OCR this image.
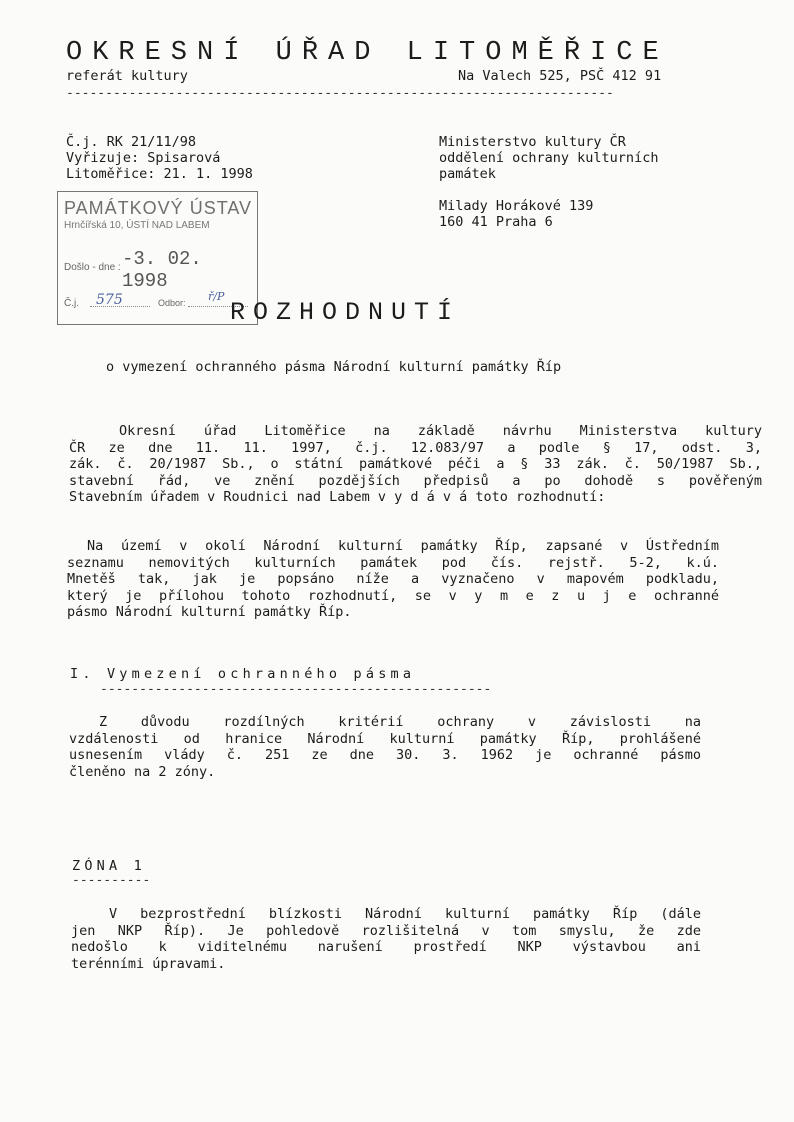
OKRESNÍ ÚŘAD LITOMĚŘICE
referát kultury	Na Valech 525, PSČ 412 91
----------------------------------------------------------------------
Č.j. RK 21/11/98
Vyřizuje: Spisarová
Litoměřice: 21. 1. 1998
Ministerstvo kultury ČR
oddělení ochrany kulturních
památek
Milady Horákové 139
160 41 Praha 6
PAMÁTKOVÝ ÚSTAV
Hrnčířská 10, ÚSTÍ NAD LABEM
Došlo - dne : -3. 02. 1998
Č.j. 575	Odbor: ř/P
ROZHODNUTÍ
o vymezení ochranného pásma Národní kulturní památky Říp
Okresní úřad Litoměřice na základě návrhu Ministerstva kultury
ČR ze dne 11. 11. 1997, č.j. 12.083/97 a podle § 17, odst. 3,
zák. č. 20/1987 Sb., o státní památkové péči a § 33 zák. č. 50/1987 Sb.,
stavební řád, ve znění pozdějších předpisů a po dohodě s pověřeným
Stavebním úřadem v Roudnici nad Labem v y d á v á toto rozhodnutí:
Na území v okolí Národní kulturní památky Říp, zapsané v Ústředním
seznamu nemovitých kulturních památek pod čís. rejstř. 5-2, k.ú.
Mnetěš tak, jak je popsáno níže a vyznačeno v mapovém podkladu,
který je přílohou tohoto rozhodnutí, se v y m e z u j e ochranné
pásmo Národní kulturní památky Říp.
I. Vymezení ochranného pásma
--------------------------------------------------
Z důvodu rozdílných kritérií ochrany v závislosti na
vzdálenosti od hranice Národní kulturní památky Říp, prohlášené
usnesením vlády č. 251 ze dne 30. 3. 1962 je ochranné pásmo
členěno na 2 zóny.
ZÓNA 1
----------
V bezprostřední blízkosti Národní kulturní památky Říp (dále
jen NKP Říp). Je pohledově rozlišitelná v tom smyslu, že zde
nedošlo k viditelnému narušení prostředí NKP výstavbou ani
terénními úpravami.
